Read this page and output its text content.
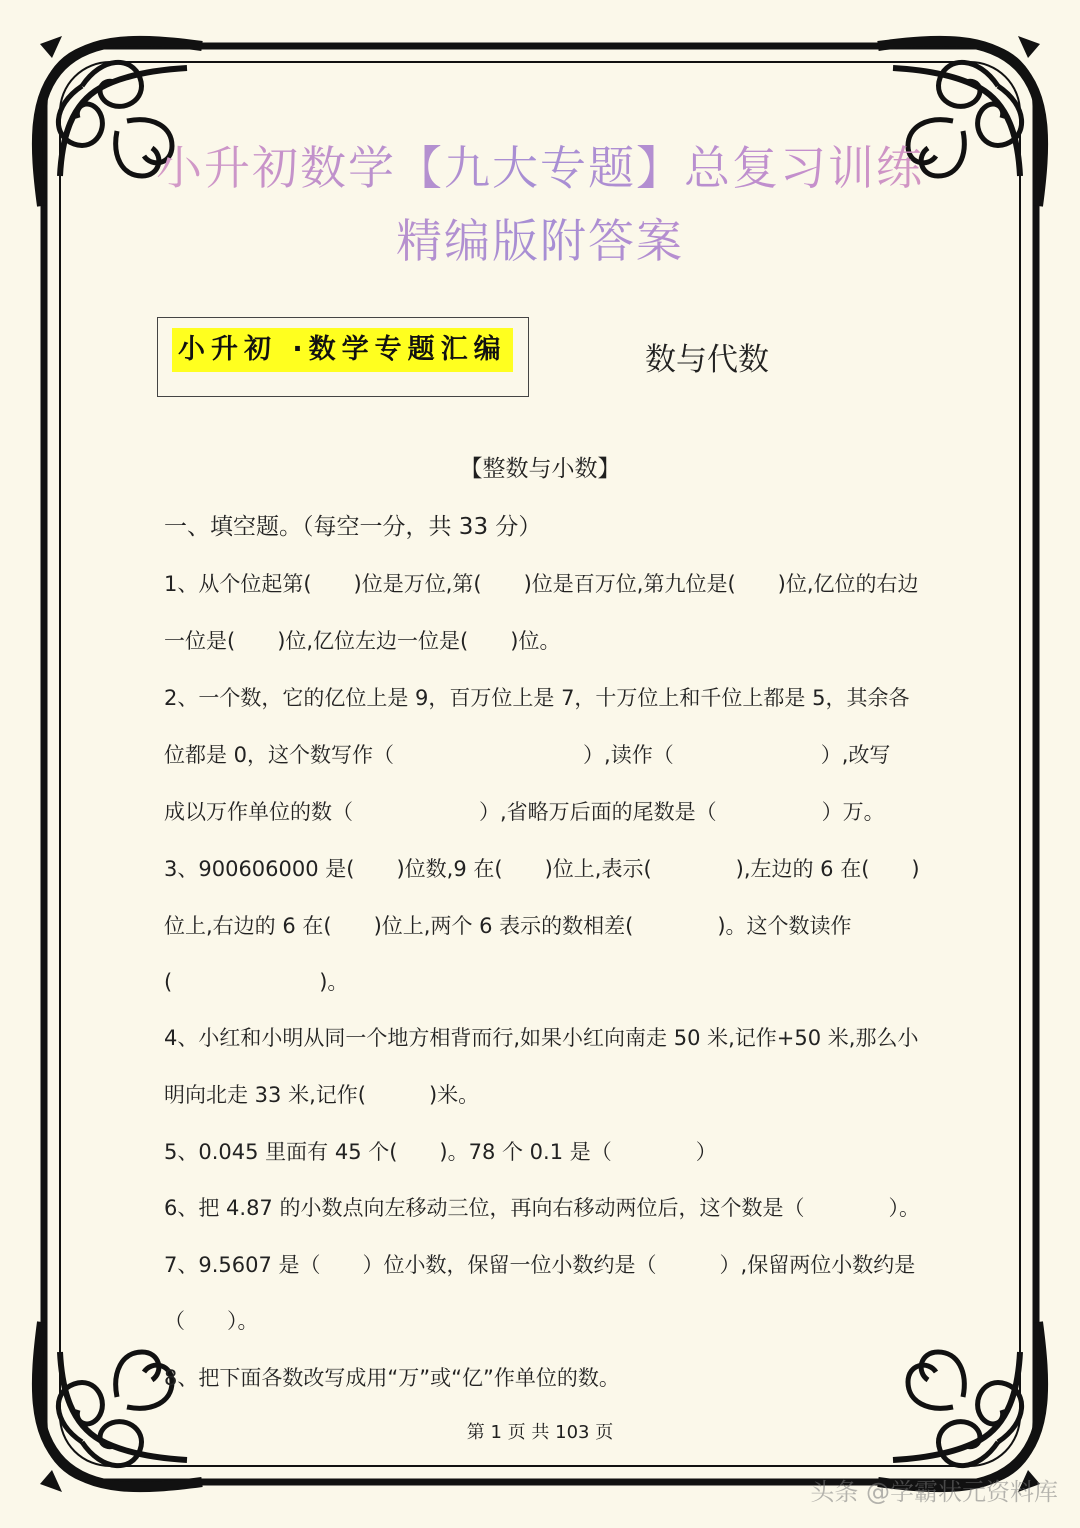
小升初数学【九大专题】总复习训练
精编版附答案
小升初 ·数学专题汇编	数与代数
【整数与小数】
一、填空题。（每空一分，共 33 分）
1、从个位起第(　　)位是万位,第(　　)位是百万位,第九位是(　　)位,亿位的右边
一位是(　　)位,亿位左边一位是(　　)位。
2、一个数，它的亿位上是 9，百万位上是 7，十万位上和千位上都是 5，其余各
位都是 0，这个数写作（　　　　　　　　　）,读作（　　　　　　　）,改写
成以万作单位的数（　　　　　　）,省略万后面的尾数是（　　　　　）万。
3、900606000 是(　　)位数,9 在(　　)位上,表示(　　　　),左边的 6 在(　　)
位上,右边的 6 在(　　)位上,两个 6 表示的数相差(　　　　)。这个数读作
(　　　　　　　)。
4、小红和小明从同一个地方相背而行,如果小红向南走 50 米,记作+50 米,那么小
明向北走 33 米,记作(　　　)米。
5、0.045 里面有 45 个(　　)。78 个 0.1 是（　　　　）
6、把 4.87 的小数点向左移动三位，再向右移动两位后，这个数是（　　　　）。
7、9.5607 是（　　）位小数，保留一位小数约是（　　　）,保留两位小数约是
（　　）。
8、把下面各数改写成用“万”或“亿”作单位的数。
第 1 页 共 103 页
头条 @学霸状元资料库
